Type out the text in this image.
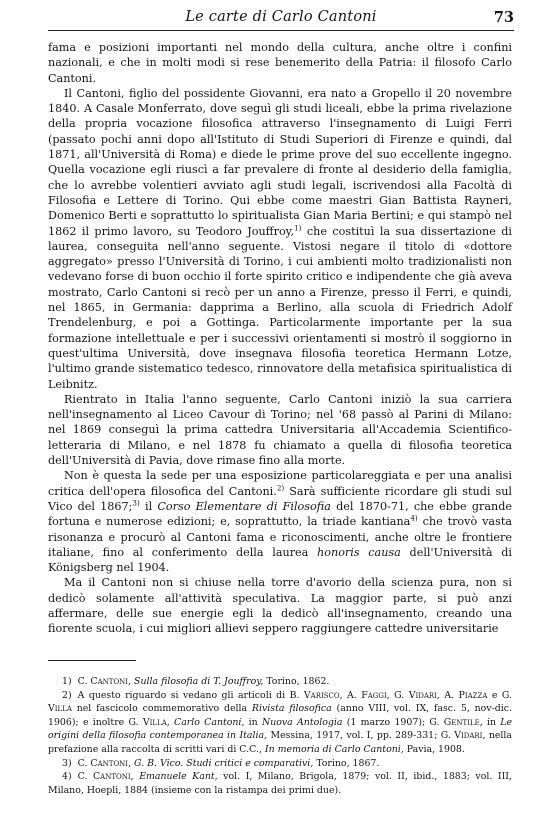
Le carte di Carlo Cantoni	73

fama e posizioni importanti nel mondo della cultura, anche oltre i confini nazionali, e che in molti modi si rese benemerito della Patria: il filosofo Carlo Cantoni.

Il Cantoni, figlio del possidente Giovanni, era nato a Gropello il 20 novembre 1840. A Casale Monferrato, dove seguì gli studi liceali, ebbe la prima rivelazione della propria vocazione filosofica attraverso l'insegnamento di Luigi Ferri (passato pochi anni dopo all'Istituto di Studi Superiori di Firenze e quindi, dal 1871, all'Università di Roma) e diede le prime prove del suo eccellente ingegno. Quella vocazione egli riuscì a far prevalere di fronte al desiderio della famiglia, che lo avrebbe volentieri avviato agli studi legali, iscrivendosi alla Facoltà di Filosofia e Lettere di Torino. Qui ebbe come maestri Gian Battista Rayneri, Domenico Berti e soprattutto lo spiritualista Gian Maria Bertini; e qui stampò nel 1862 il primo lavoro, su Teodoro Jouffroy,$^{1)}$ che costituì la sua dissertazione di laurea, conseguita nell'anno seguente. Vistosi negare il titolo di «dottore aggregato» presso l'Università di Torino, i cui ambienti molto tradizionalisti non vedevano forse di buon occhio il forte spirito critico e indipendente che già aveva mostrato, Carlo Cantoni si recò per un anno a Firenze, presso il Ferri, e quindi, nel 1865, in Germania: dapprima a Berlino, alla scuola di Friedrich Adolf Trendelenburg, e poi a Gottinga. Particolarmente importante per la sua formazione intellettuale e per i successivi orientamenti si mostrò il soggiorno in quest'ultima Università, dove insegnava filosofia teoretica Hermann Lotze, l'ultimo grande sistematico tedesco, rinnovatore della metafisica spiritualistica di Leibnitz.

Rientrato in Italia l'anno seguente, Carlo Cantoni iniziò la sua carriera nell'insegnamento al Liceo Cavour di Torino; nel '68 passò al Parini di Milano: nel 1869 conseguì la prima cattedra Universitaria all'Accademia Scientifico-letteraria di Milano, e nel 1878 fu chiamato a quella di filosofia teoretica dell'Università di Pavia, dove rimase fino alla morte.

Non è questa la sede per una esposizione particolareggiata e per una analisi critica dell'opera filosofica del Cantoni.$^{2)}$ Sarà sufficiente ricordare gli studi sul Vico del 1867;$^{3)}$ il Corso Elementare di Filosofia del 1870-71, che ebbe grande fortuna e numerose edizioni; e, soprattutto, la triade kantiana$^{4)}$ che trovò vasta risonanza e procurò al Cantoni fama e riconoscimenti, anche oltre le frontiere italiane, fino al conferimento della laurea honoris causa dell'Università di Königsberg nel 1904.

Ma il Cantoni non si chiuse nella torre d'avorio della scienza pura, non si dedicò solamente all'attività speculativa. La maggior parte, si può anzi affermare, delle sue energie egli la dedicò all'insegnamento, creando una fiorente scuola, i cui migliori allievi seppero raggiungere cattedre universitarie

1) C. Cantoni, Sulla filosofia di T. Jouffroy, Torino, 1862.

2) A questo riguardo si vedano gli articoli di B. Varisco, A. Faggi, G. Vidari, A. Piazza e G. Villa nel fascicolo commemorativo della Rivista filosofica (anno VIII, vol. IX, fasc. 5, nov-dic. 1906); e inoltre G. Villa, Carlo Cantoni, in Nuova Antologia (1 marzo 1907); G. Gentile, in Le origini della filosofia contemporanea in Italia, Messina, 1917, vol. I, pp. 289-331; G. Vidari, nella prefazione alla raccolta di scritti vari di C.C., In memoria di Carlo Cantoni, Pavia, 1908.

3) C. Cantoni, G. B. Vico. Studi critici e comparativi, Torino, 1867.

4) C. Cantoni, Emanuele Kant, vol. I, Milano, Brigola, 1879; vol. II, ibid., 1883; vol. III, Milano, Hoepli, 1884 (insieme con la ristampa dei primi due).
